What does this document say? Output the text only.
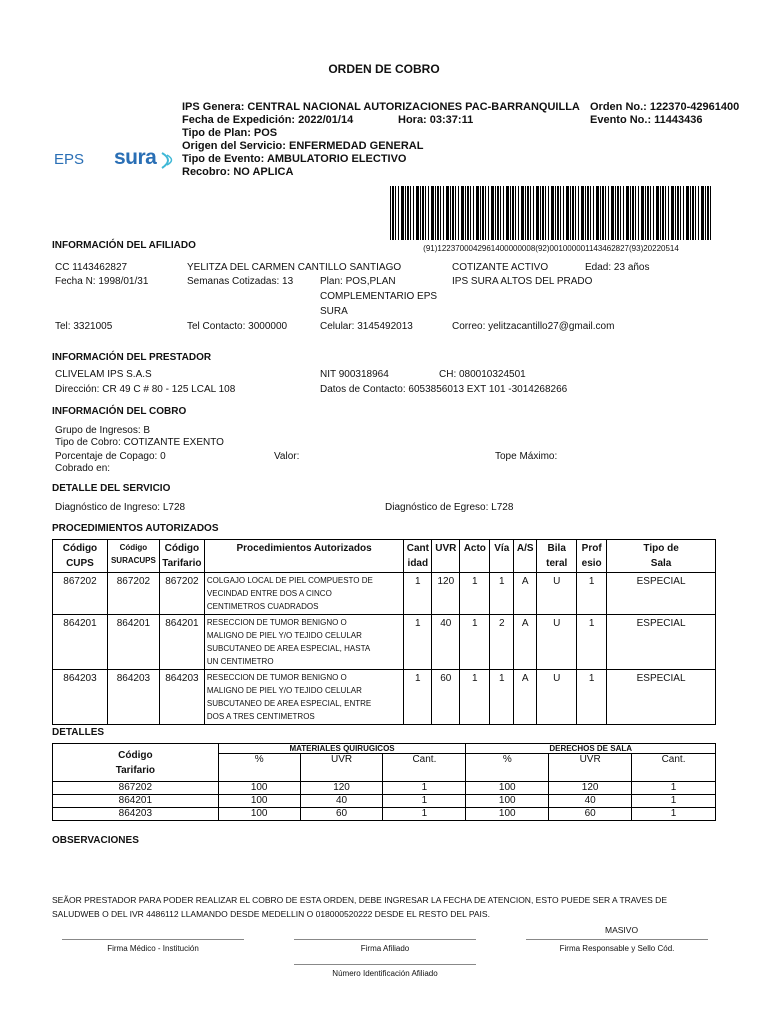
ORDEN DE COBRO
EPS sura
IPS Genera: CENTRAL NACIONAL AUTORIZACIONES PAC-BARRANQUILLA Orden No.: 122370-42961400
Fecha de Expedición: 2022/01/14	Hora: 03:37:11	Evento No.: 11443436
Tipo de Plan: POS
Origen del Servicio: ENFERMEDAD GENERAL
Tipo de Evento: AMBULATORIO ELECTIVO
Recobro: NO APLICA
(91)1223700042961400000008(92)001000001143462827(93)20220514
INFORMACIÓN DEL AFILIADO
CC 1143462827	YELITZA DEL CARMEN CANTILLO SANTIAGO	COTIZANTE ACTIVO	Edad: 23 años
Fecha N: 1998/01/31	Semanas Cotizadas: 13	Plan: POS,PLAN
COMPLEMENTARIO EPS
SURA
IPS SURA ALTOS DEL PRADO
Tel: 3321005	Tel Contacto: 3000000	Celular: 3145492013	Correo: yelitzacantillo27@gmail.com
INFORMACIÓN DEL PRESTADOR
CLIVELAM IPS S.A.S	NIT 900318964	CH: 080010324501
Dirección: CR 49 C # 80 - 125 LCAL 108	Datos de Contacto: 6053856013 EXT 101 -3014268266
INFORMACIÓN DEL COBRO
Grupo de Ingresos: B
Tipo de Cobro: COTIZANTE EXENTO
Porcentaje de Copago: 0	Valor:	Tope Máximo:
Cobrado en:
DETALLE DEL SERVICIO
Diagnóstico de Ingreso: L728	Diagnóstico de Egreso: L728
PROCEDIMIENTOS AUTORIZADOS
Código
CUPS	Código
SURACUPS	Código
Tarifario	Procedimientos Autorizados	Cant
idad	UVR	Acto	Vía	A/S	Bila
teral	Prof
esio	Tipo de
Sala
867202	867202	867202	COLGAJO LOCAL DE PIEL COMPUESTO DE
VECINDAD ENTRE DOS A CINCO
CENTIMETROS CUADRADOS	1	120	1	1	A	U	1	ESPECIAL
864201	864201	864201	RESECCION DE TUMOR BENIGNO O
MALIGNO DE PIEL Y/O TEJIDO CELULAR
SUBCUTANEO DE AREA ESPECIAL, HASTA
UN CENTIMETRO	1	40	1	2	A	U	1	ESPECIAL
864203	864203	864203	RESECCION DE TUMOR BENIGNO O
MALIGNO DE PIEL Y/O TEJIDO CELULAR
SUBCUTANEO DE AREA ESPECIAL, ENTRE
DOS A TRES CENTIMETROS	1	60	1	1	A	U	1	ESPECIAL
DETALLES
Código
Tarifario	MATERIALES QUIRUGICOS			DERECHOS DE SALA		
	%	UVR	Cant.	%	UVR	Cant.
867202	100	120	1	100	120	1
864201	100	40	1	100	40	1
864203	100	60	1	100	60	1
OBSERVACIONES
SEÃOR PRESTADOR PARA PODER REALIZAR EL COBRO DE ESTA ORDEN, DEBE INGRESAR LA FECHA DE ATENCION, ESTO PUEDE SER A TRAVES DE
SALUDWEB O DEL IVR 4486112 LLAMANDO DESDE MEDELLIN O 018000520222 DESDE EL RESTO DEL PAIS.
MASIVO
Firma Médico - Institución	Firma Afiliado	Firma Responsable y Sello Cód.
Número Identificación Afiliado
